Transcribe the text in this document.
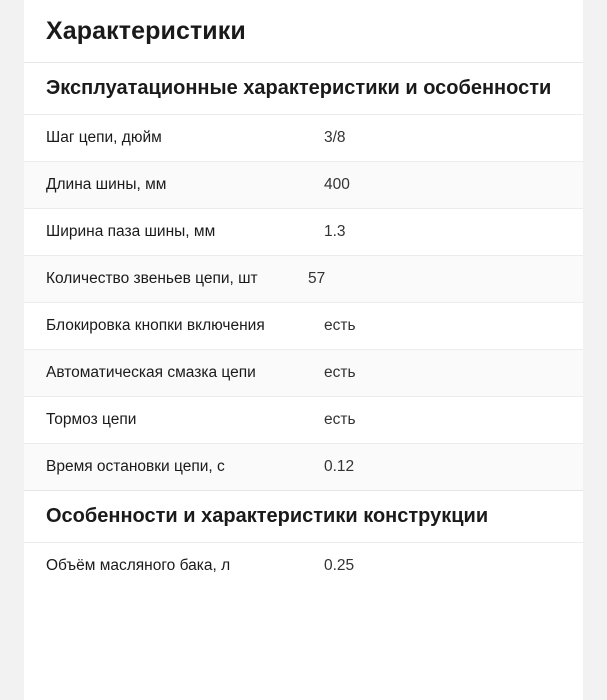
Характеристики
Эксплуатационные характеристики и особенности
Шаг цепи, дюйм	3/8
Длина шины, мм	400
Ширина паза шины, мм	1.3
Количество звеньев цепи, шт	57
Блокировка кнопки включения	есть
Автоматическая смазка цепи	есть
Тормоз цепи	есть
Время остановки цепи, с	0.12
Особенности и характеристики конструкции
Объём масляного бака, л	0.25
